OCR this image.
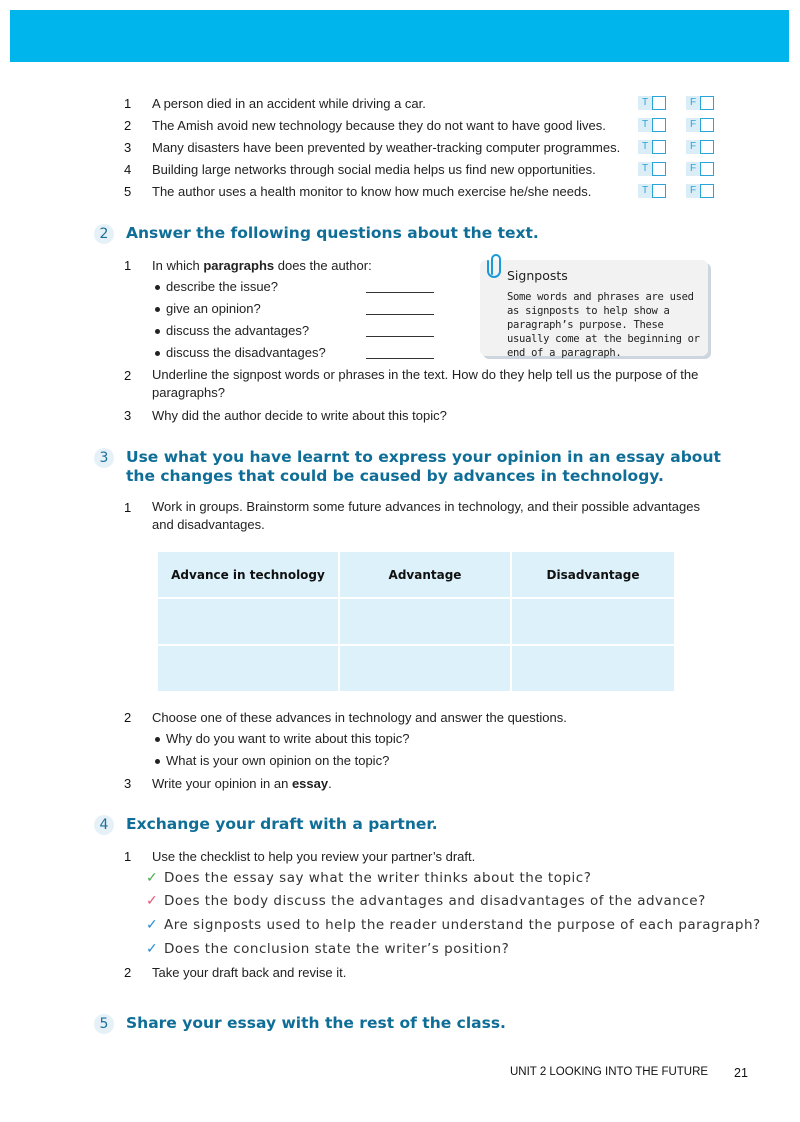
1 A person died in an accident while driving a car.	T	F
2 The Amish avoid new technology because they do not want to have good lives.	T	F
3 Many disasters have been prevented by weather-tracking computer programmes.	T	F
4 Building large networks through social media helps us find new opportunities.	T	F
5 The author uses a health monitor to know how much exercise he/she needs.	T	F
2	Answer the following questions about the text.
1 In which paragraphs does the author:
describe the issue?
give an opinion?
discuss the advantages?
discuss the disadvantages?
2 Underline the signpost words or phrases in the text. How do they help tell us the purpose of the paragraphs?
3 Why did the author decide to write about this topic?
Signposts
Some words and phrases are used as signposts to help show a paragraph’s purpose. These usually come at the beginning or end of a paragraph.
3	Use what you have learnt to express your opinion in an essay about the changes that could be caused by advances in technology.
1 Work in groups. Brainstorm some future advances in technology, and their possible advantages and disadvantages.
Advance in technology	Advantage	Disadvantage

2 Choose one of these advances in technology and answer the questions.
Why do you want to write about this topic?
What is your own opinion on the topic?
3 Write your opinion in an essay.
4	Exchange your draft with a partner.
1 Use the checklist to help you review your partner’s draft.
✓ Does the essay say what the writer thinks about the topic?
✓ Does the body discuss the advantages and disadvantages of the advance?
✓ Are signposts used to help the reader understand the purpose of each paragraph?
✓ Does the conclusion state the writer’s position?
2 Take your draft back and revise it.
5	Share your essay with the rest of the class.
UNIT 2 LOOKING INTO THE FUTURE 21
